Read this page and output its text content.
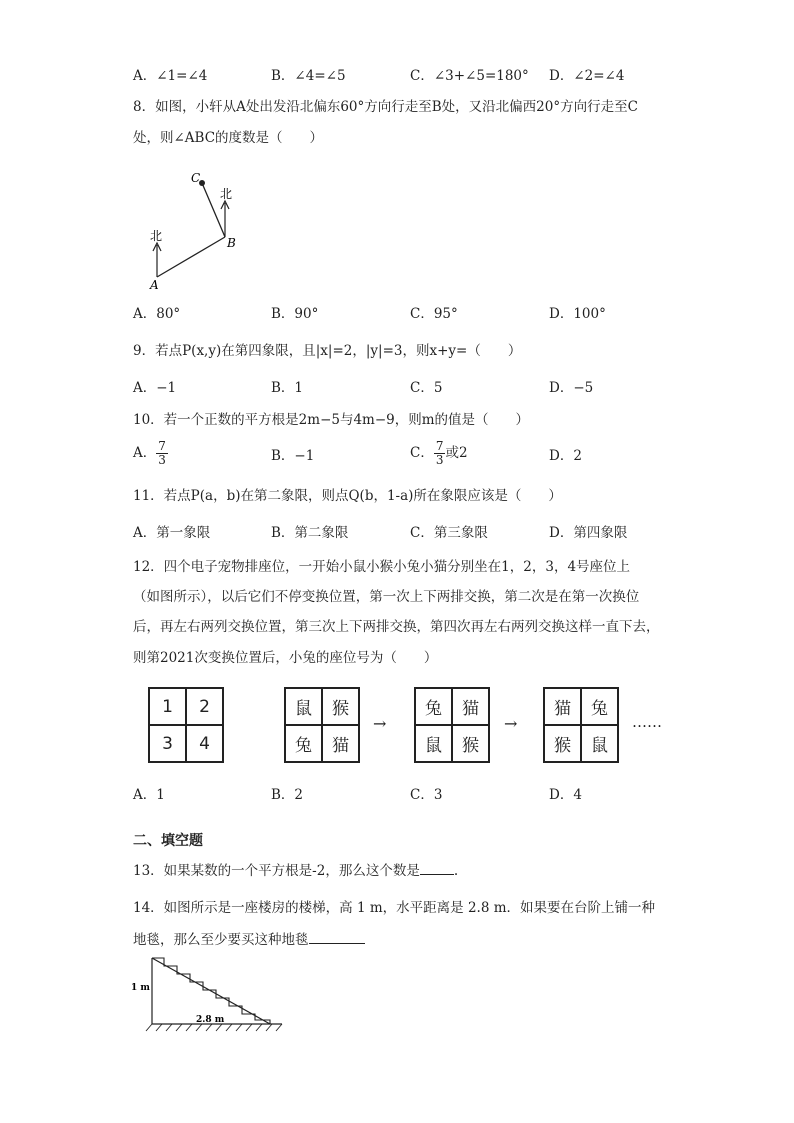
A．∠1=∠4	B．∠4=∠5	C．∠3+∠5=180° D．∠2=∠4
8．如图，小轩从A处出发沿北偏东60°方向行走至B处，又沿北偏西20°方向行走至C
处，则∠ABC的度数是（　　）
北
北
A
B
C
A．80°	B．90°	C．95°	D．100°
9．若点P(x,y)在第四象限，且|x|=2，|y|=3，则x+y=（　　）
A．−1	B．1	C．5	D．−5
10．若一个正数的平方根是2m−5与4m−9，则m的值是（　　）
A． $\frac{7}{3}$	B．−1	C． $\frac{7}{3}$ 或2	D．2
11．若点P(a，b)在第二象限，则点Q(b，1-a)所在象限应该是（　　）
A．第一象限	B．第二象限	C．第三象限	D．第四象限
12．四个电子宠物排座位，一开始小鼠小猴小兔小猫分别坐在1，2，3，4号座位上
（如图所示），以后它们不停变换位置，第一次上下两排交换，第二次是在第一次换位
后，再左右两列交换位置，第三次上下两排交换，第四次再左右两列交换这样一直下去，
则第2021次变换位置后，小兔的座位号为（　　）
1	2
3	4
鼠	猴
兔	猫
→
兔	猫
鼠	猴
→
猫	兔
猴	鼠
……
A．1	B．2	C．3	D．4
二、填空题
13．如果某数的一个平方根是-2，那么这个数是	.
14．如图所示是一座楼房的楼梯，高 1 m，水平距离是 2.8 m．如果要在台阶上铺一种
地毯，那么至少要买这种地毯
1 m
2.8 m
